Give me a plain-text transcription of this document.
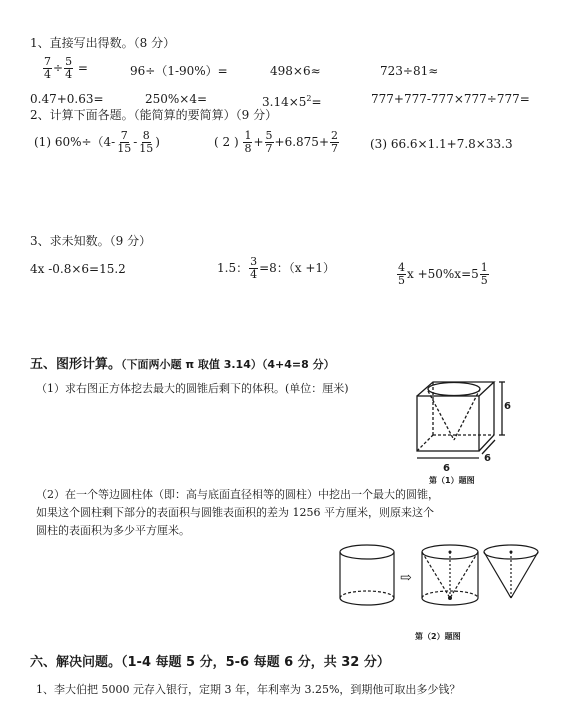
1、直接写出得数。（8 分）
$\frac{7}{4} \div \frac{5}{4}$ =	96÷（1-90%）=	498×6≈	723÷81≈
0.47+0.63=	250%×4=	$3.14\times 5^2=$	777+777-777×777÷777=
2、计算下面各题。（能简算的要简算）（9 分）
(1) $60\%\div(4- \frac{7}{15} - \frac{8}{15}$ )	( 2 ) $\frac{1}{8} + \frac{5}{7} +6.875+ \frac{2}{7}$	(3) 66.6×1.1+7.8×33.3
3、求未知数。（9 分）
4x -0.8×6=15.2	1.5： $\frac{3}{4} =8$：（x +1）	$\frac{4}{5}$ $x +50\%x=5 \frac{1}{5}$
五、图形计算。（下面两小题 π 取值 3.14）（4+4=8 分）
（1）求右图正方体挖去最大的圆锥后剩下的体积。(单位：厘米)
6
6
6
第（1）题图
（2）在一个等边圆柱体（即：高与底面直径相等的圆柱）中挖出一个最大的圆锥，
如果这个圆柱剩下部分的表面积与圆锥表面积的差为 1256 平方厘米，则原来这个
圆柱的表面积为多少平方厘米。
⇨
第（2）题图
六、解决问题。（1-4 每题 5 分，5-6 每题 6 分，共 32 分）
1、李大伯把 5000 元存入银行，定期 3 年，年利率为 3.25%，到期他可取出多少钱？
